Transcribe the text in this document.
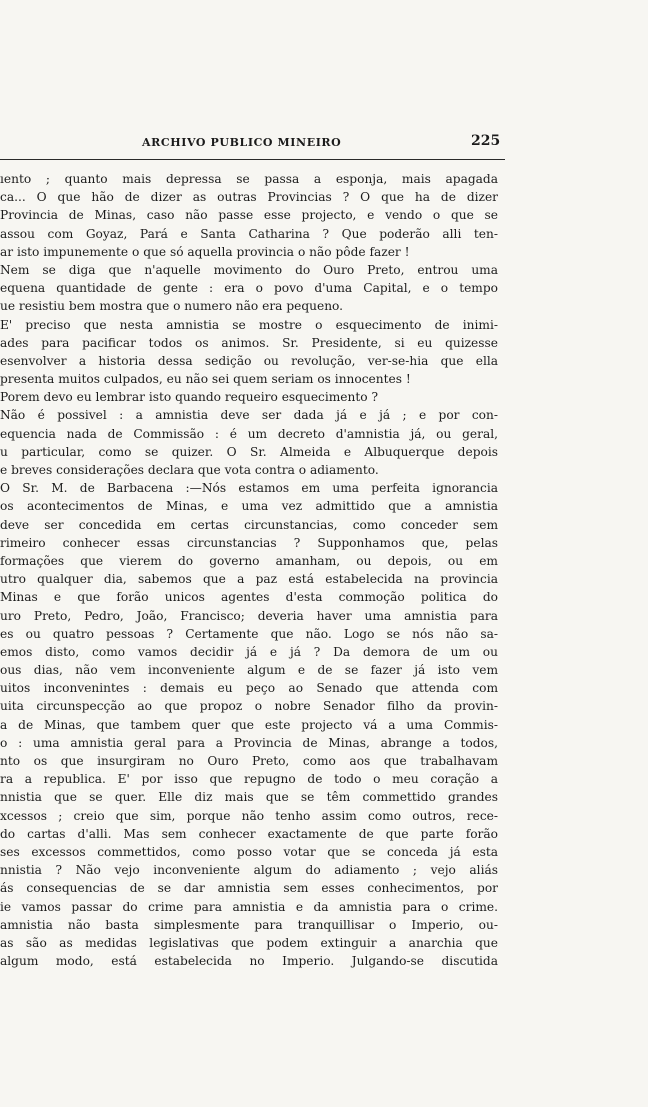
ARCHIVO PUBLICO MINEIRO	225
ıento ; quanto mais depressa se passa a esponja, mais apagada
ca... O que hão de dizer as outras Provincias ? O que ha de dizer
Provincia de Minas, caso não passe esse projecto, e vendo o que se
assou com Goyaz, Pará e Santa Catharina ? Que poderão alli ten-
ar isto impunemente o que só aquella provincia o não pôde fazer !
Nem se diga que n'aquelle movimento do Ouro Preto, entrou uma
equena quantidade de gente : era o povo d'uma Capital, e o tempo
ue resistiu bem mostra que o numero não era pequeno.
E' preciso que nesta amnistia se mostre o esquecimento de inimi-
ades para pacificar todos os animos. Sr. Presidente, si eu quizesse
esenvolver a historia dessa sedição ou revolução, ver-se-hia que ella
presenta muitos culpados, eu não sei quem seriam os innocentes !
Porem devo eu lembrar isto quando requeiro esquecimento ?
Não é possivel : a amnistia deve ser dada já e já ; e por con-
equencia nada de Commissão : é um decreto d'amnistia já, ou geral,
u particular, como se quizer. O Sr. Almeida e Albuquerque depois
e breves considerações declara que vota contra o adiamento.
O Sr. M. de Barbacena :—Nós estamos em uma perfeita ignorancia
os acontecimentos de Minas, e uma vez admittido que a amnistia
deve ser concedida em certas circunstancias, como conceder sem
rimeiro conhecer essas circunstancias ? Supponhamos que, pelas
formações que vierem do governo amanham, ou depois, ou em
utro qualquer dia, sabemos que a paz está estabelecida na provincia
Minas e que forão unicos agentes d'esta commoção politica do
uro Preto, Pedro, João, Francisco; deveria haver uma amnistia para
es ou quatro pessoas ? Certamente que não. Logo se nós não sa-
emos disto, como vamos decidir já e já ? Da demora de um ou
ous dias, não vem inconveniente algum e de se fazer já isto vem
uitos inconvenintes : demais eu peço ao Senado que attenda com
uita circunspecção ao que propoz o nobre Senador filho da provin-
a de Minas, que tambem quer que este projecto vá a uma Commis-
o : uma amnistia geral para a Provincia de Minas, abrange a todos,
nto os que insurgiram no Ouro Preto, como aos que trabalhavam
ra a republica. E' por isso que repugno de todo o meu coração a
nnistia que se quer. Elle diz mais que se têm commettido grandes
xcessos ; creio que sim, porque não tenho assim como outros, rece-
do cartas d'alli. Mas sem conhecer exactamente de que parte forão
ses excessos commettidos, como posso votar que se conceda já esta
nnistia ? Não vejo inconveniente algum do adiamento ; vejo aliás
ás consequencias de se dar amnistia sem esses conhecimentos, por
ie vamos passar do crime para amnistia e da amnistia para o crime.
amnistia não basta simplesmente para tranquillisar o Imperio, ou-
as são as medidas legislativas que podem extinguir a anarchia que
algum modo, está estabelecida no Imperio. Julgando-se discutida
